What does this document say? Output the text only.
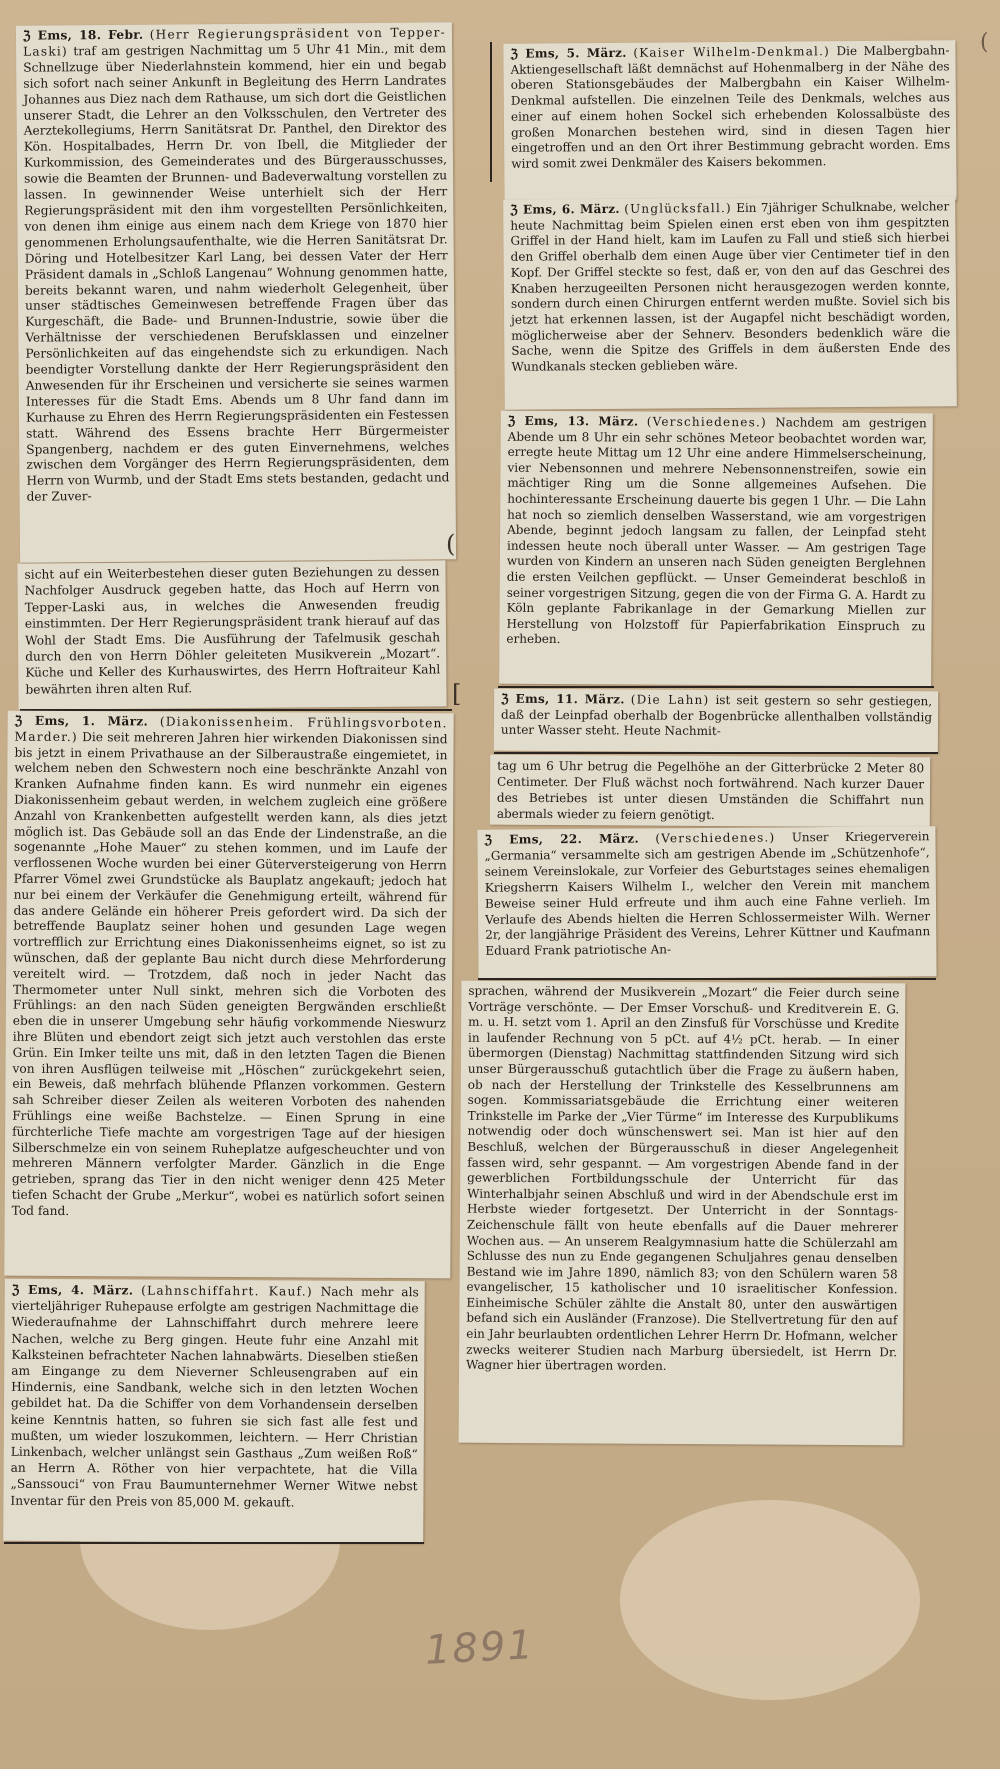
ℨ Ems, 18. Febr. (Herr Regierungspräsident von Tepper-Laski) traf am gestrigen Nachmittag um 5 Uhr 41 Min., mit dem Schnellzuge über Niederlahnstein kommend, hier ein und begab sich sofort nach seiner Ankunft in Begleitung des Herrn Landrates Johannes aus Diez nach dem Rathause, um sich dort die Geistlichen unserer Stadt, die Lehrer an den Volksschulen, den Vertreter des Aerztekollegiums, Herrn Sanitätsrat Dr. Panthel, den Direktor des Kön. Hospitalbades, Herrn Dr. von Ibell, die Mitglieder der Kurkommission, des Gemeinderates und des Bürgerausschusses, sowie die Beamten der Brunnen- und Badeverwaltung vorstellen zu lassen. In gewinnender Weise unterhielt sich der Herr Regierungspräsident mit den ihm vorgestellten Persönlichkeiten, von denen ihm einige aus einem nach dem Kriege von 1870 hier genommenen Erholungsaufenthalte, wie die Herren Sanitätsrat Dr. Döring und Hotelbesitzer Karl Lang, bei dessen Vater der Herr Präsident damals in „Schloß Langenau“ Wohnung genommen hatte, bereits bekannt waren, und nahm wiederholt Gelegenheit, über unser städtisches Gemeinwesen betreffende Fragen über das Kurgeschäft, die Bade- und Brunnen-Industrie, sowie über die Verhältnisse der verschiedenen Berufsklassen und einzelner Persönlichkeiten auf das eingehendste sich zu erkundigen. Nach beendigter Vorstellung dankte der Herr Regierungspräsident den Anwesenden für ihr Erscheinen und versicherte sie seines warmen Interesses für die Stadt Ems. Abends um 8 Uhr fand dann im Kurhause zu Ehren des Herrn Regierungspräsidenten ein Festessen statt. Während des Essens brachte Herr Bürgermeister Spangenberg, nachdem er des guten Einvernehmens, welches zwischen dem Vorgänger des Herrn Regierungspräsidenten, dem Herrn von Wurmb, und der Stadt Ems stets bestanden, gedacht und der Zuver-

sicht auf ein Weiterbestehen dieser guten Beziehungen zu dessen Nachfolger Ausdruck gegeben hatte, das Hoch auf Herrn von Tepper-Laski aus, in welches die Anwesenden freudig einstimmten. Der Herr Regierungspräsident trank hierauf auf das Wohl der Stadt Ems. Die Ausführung der Tafelmusik geschah durch den von Herrn Döhler geleiteten Musikverein „Mozart“. Küche und Keller des Kurhauswirtes, des Herrn Hoftraiteur Kahl bewährten ihren alten Ruf.

ℨ Ems, 1. März. (Diakonissenheim. Frühlingsvorboten. Marder.) Die seit mehreren Jahren hier wirkenden Diakonissen sind bis jetzt in einem Privathause an der Silberaustraße eingemietet, in welchem neben den Schwestern noch eine beschränkte Anzahl von Kranken Aufnahme finden kann. Es wird nunmehr ein eigenes Diakonissenheim gebaut werden, in welchem zugleich eine größere Anzahl von Krankenbetten aufgestellt werden kann, als dies jetzt möglich ist. Das Gebäude soll an das Ende der Lindenstraße, an die sogenannte „Hohe Mauer“ zu stehen kommen, und im Laufe der verflossenen Woche wurden bei einer Güterversteigerung von Herrn Pfarrer Vömel zwei Grundstücke als Bauplatz angekauft; jedoch hat nur bei einem der Verkäufer die Genehmigung erteilt, während für das andere Gelände ein höherer Preis gefordert wird. Da sich der betreffende Bauplatz seiner hohen und gesunden Lage wegen vortrefflich zur Errichtung eines Diakonissenheims eignet, so ist zu wünschen, daß der geplante Bau nicht durch diese Mehrforderung vereitelt wird. — Trotzdem, daß noch in jeder Nacht das Thermometer unter Null sinkt, mehren sich die Vorboten des Frühlings: an den nach Süden geneigten Bergwänden erschließt eben die in unserer Umgebung sehr häufig vorkommende Nieswurz ihre Blüten und ebendort zeigt sich jetzt auch verstohlen das erste Grün. Ein Imker teilte uns mit, daß in den letzten Tagen die Bienen von ihren Ausflügen teilweise mit „Höschen“ zurückgekehrt seien, ein Beweis, daß mehrfach blühende Pflanzen vorkommen. Gestern sah Schreiber dieser Zeilen als weiteren Vorboten des nahenden Frühlings eine weiße Bachstelze. — Einen Sprung in eine fürchterliche Tiefe machte am vorgestrigen Tage auf der hiesigen Silberschmelze ein von seinem Ruheplatze aufgescheuchter und von mehreren Männern verfolgter Marder. Gänzlich in die Enge getrieben, sprang das Tier in den nicht weniger denn 425 Meter tiefen Schacht der Grube „Merkur“, wobei es natürlich sofort seinen Tod fand.

ℨ Ems, 4. März. (Lahnschiffahrt. Kauf.) Nach mehr als vierteljähriger Ruhepause erfolgte am gestrigen Nachmittage die Wiederaufnahme der Lahnschiffahrt durch mehrere leere Nachen, welche zu Berg gingen. Heute fuhr eine Anzahl mit Kalksteinen befrachteter Nachen lahnabwärts. Dieselben stießen am Eingange zu dem Nieverner Schleusengraben auf ein Hindernis, eine Sandbank, welche sich in den letzten Wochen gebildet hat. Da die Schiffer von dem Vorhandensein derselben keine Kenntnis hatten, so fuhren sie sich fast alle fest und mußten, um wieder loszukommen, leichtern. — Herr Christian Linkenbach, welcher unlängst sein Gasthaus „Zum weißen Roß“ an Herrn A. Röther von hier verpachtete, hat die Villa „Sanssouci“ von Frau Baumunternehmer Werner Witwe nebst Inventar für den Preis von 85,000 M. gekauft.

ℨ Ems, 5. März. (Kaiser Wilhelm-Denkmal.) Die Malbergbahn-Aktiengesellschaft läßt demnächst auf Hohenmalberg in der Nähe des oberen Stationsgebäudes der Malbergbahn ein Kaiser Wilhelm-Denkmal aufstellen. Die einzelnen Teile des Denkmals, welches aus einer auf einem hohen Sockel sich erhebenden Kolossalbüste des großen Monarchen bestehen wird, sind in diesen Tagen hier eingetroffen und an den Ort ihrer Bestimmung gebracht worden. Ems wird somit zwei Denkmäler des Kaisers bekommen.

ℨ Ems, 6. März. (Unglücksfall.) Ein 7jähriger Schulknabe, welcher heute Nachmittag beim Spielen einen erst eben von ihm gespitzten Griffel in der Hand hielt, kam im Laufen zu Fall und stieß sich hierbei den Griffel oberhalb dem einen Auge über vier Centimeter tief in den Kopf. Der Griffel steckte so fest, daß er, von den auf das Geschrei des Knaben herzugeeilten Personen nicht herausgezogen werden konnte, sondern durch einen Chirurgen entfernt werden mußte. Soviel sich bis jetzt hat erkennen lassen, ist der Augapfel nicht beschädigt worden, möglicherweise aber der Sehnerv. Besonders bedenklich wäre die Sache, wenn die Spitze des Griffels in dem äußersten Ende des Wundkanals stecken geblieben wäre.

ℨ Ems, 13. März. (Verschiedenes.) Nachdem am gestrigen Abende um 8 Uhr ein sehr schönes Meteor beobachtet worden war, erregte heute Mittag um 12 Uhr eine andere Himmelserscheinung, vier Nebensonnen und mehrere Nebensonnenstreifen, sowie ein mächtiger Ring um die Sonne allgemeines Aufsehen. Die hochinteressante Erscheinung dauerte bis gegen 1 Uhr. — Die Lahn hat noch so ziemlich denselben Wasserstand, wie am vorgestrigen Abende, beginnt jedoch langsam zu fallen, der Leinpfad steht indessen heute noch überall unter Wasser. — Am gestrigen Tage wurden von Kindern an unseren nach Süden geneigten Berglehnen die ersten Veilchen gepflückt. — Unser Gemeinderat beschloß in seiner vorgestrigen Sitzung, gegen die von der Firma G. A. Hardt zu Köln geplante Fabrikanlage in der Gemarkung Miellen zur Herstellung von Holzstoff für Papierfabrikation Einspruch zu erheben.

ℨ Ems, 11. März. (Die Lahn) ist seit gestern so sehr gestiegen, daß der Leinpfad oberhalb der Bogenbrücke allenthalben vollständig unter Wasser steht. Heute Nachmit-

tag um 6 Uhr betrug die Pegelhöhe an der Gitterbrücke 2 Meter 80 Centimeter. Der Fluß wächst noch fortwährend. Nach kurzer Dauer des Betriebes ist unter diesen Umständen die Schiffahrt nun abermals wieder zu feiern genötigt.

ℨ Ems, 22. März. (Verschiedenes.) Unser Kriegerverein „Germania“ versammelte sich am gestrigen Abende im „Schützenhofe“, seinem Vereinslokale, zur Vorfeier des Geburtstages seines ehemaligen Kriegsherrn Kaisers Wilhelm I., welcher den Verein mit manchem Beweise seiner Huld erfreute und ihm auch eine Fahne verlieh. Im Verlaufe des Abends hielten die Herren Schlossermeister Wilh. Werner 2r, der langjährige Präsident des Vereins, Lehrer Küttner und Kaufmann Eduard Frank patriotische An-

sprachen, während der Musikverein „Mozart“ die Feier durch seine Vorträge verschönte. — Der Emser Vorschuß- und Kreditverein E. G. m. u. H. setzt vom 1. April an den Zinsfuß für Vorschüsse und Kredite in laufender Rechnung von 5 pCt. auf 4½ pCt. herab. — In einer übermorgen (Dienstag) Nachmittag stattfindenden Sitzung wird sich unser Bürgerausschuß gutachtlich über die Frage zu äußern haben, ob nach der Herstellung der Trinkstelle des Kesselbrunnens am sogen. Kommissariatsgebäude die Errichtung einer weiteren Trinkstelle im Parke der „Vier Türme“ im Interesse des Kurpublikums notwendig oder doch wünschenswert sei. Man ist hier auf den Beschluß, welchen der Bürgerausschuß in dieser Angelegenheit fassen wird, sehr gespannt. — Am vorgestrigen Abende fand in der gewerblichen Fortbildungsschule der Unterricht für das Winterhalbjahr seinen Abschluß und wird in der Abendschule erst im Herbste wieder fortgesetzt. Der Unterricht in der Sonntags-Zeichenschule fällt von heute ebenfalls auf die Dauer mehrerer Wochen aus. — An unserem Realgymnasium hatte die Schülerzahl am Schlusse des nun zu Ende gegangenen Schuljahres genau denselben Bestand wie im Jahre 1890, nämlich 83; von den Schülern waren 58 evangelischer, 15 katholischer und 10 israelitischer Konfession. Einheimische Schüler zählte die Anstalt 80, unter den auswärtigen befand sich ein Ausländer (Franzose). Die Stellvertretung für den auf ein Jahr beurlaubten ordentlichen Lehrer Herrn Dr. Hofmann, welcher zwecks weiterer Studien nach Marburg übersiedelt, ist Herrn Dr. Wagner hier übertragen worden.

(
[
(
1891
